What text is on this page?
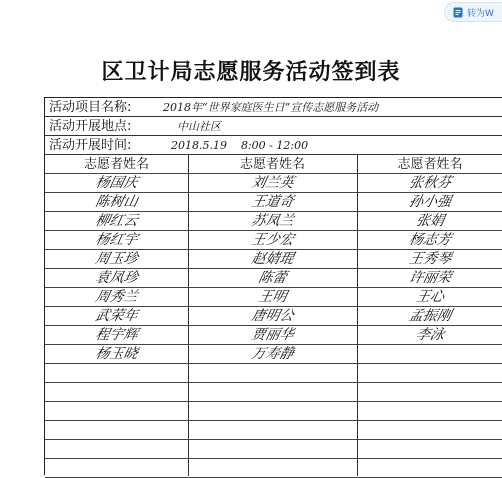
转为W
区卫计局志愿服务活动签到表
活动项目名称:	2018年“世界家庭医生日”宣传志愿服务活动
活动开展地点:	中山社区
活动开展时间:	2018.5.19    8:00 - 12:00
志愿者姓名	志愿者姓名	志愿者姓名
杨国庆	刘兰英	张秋芬
陈树山	王道奇	孙小强
柳红云	苏凤兰	张娟
杨红宇	王少宏	杨志芳
周玉珍	赵婧琨	王秀琴
袁凤珍	陈蕾	许丽荣
周秀兰	王明	王心
武荣年	唐明公	孟振刚
程宇辉	贾丽华	李泳
杨玉晓	万寿静
